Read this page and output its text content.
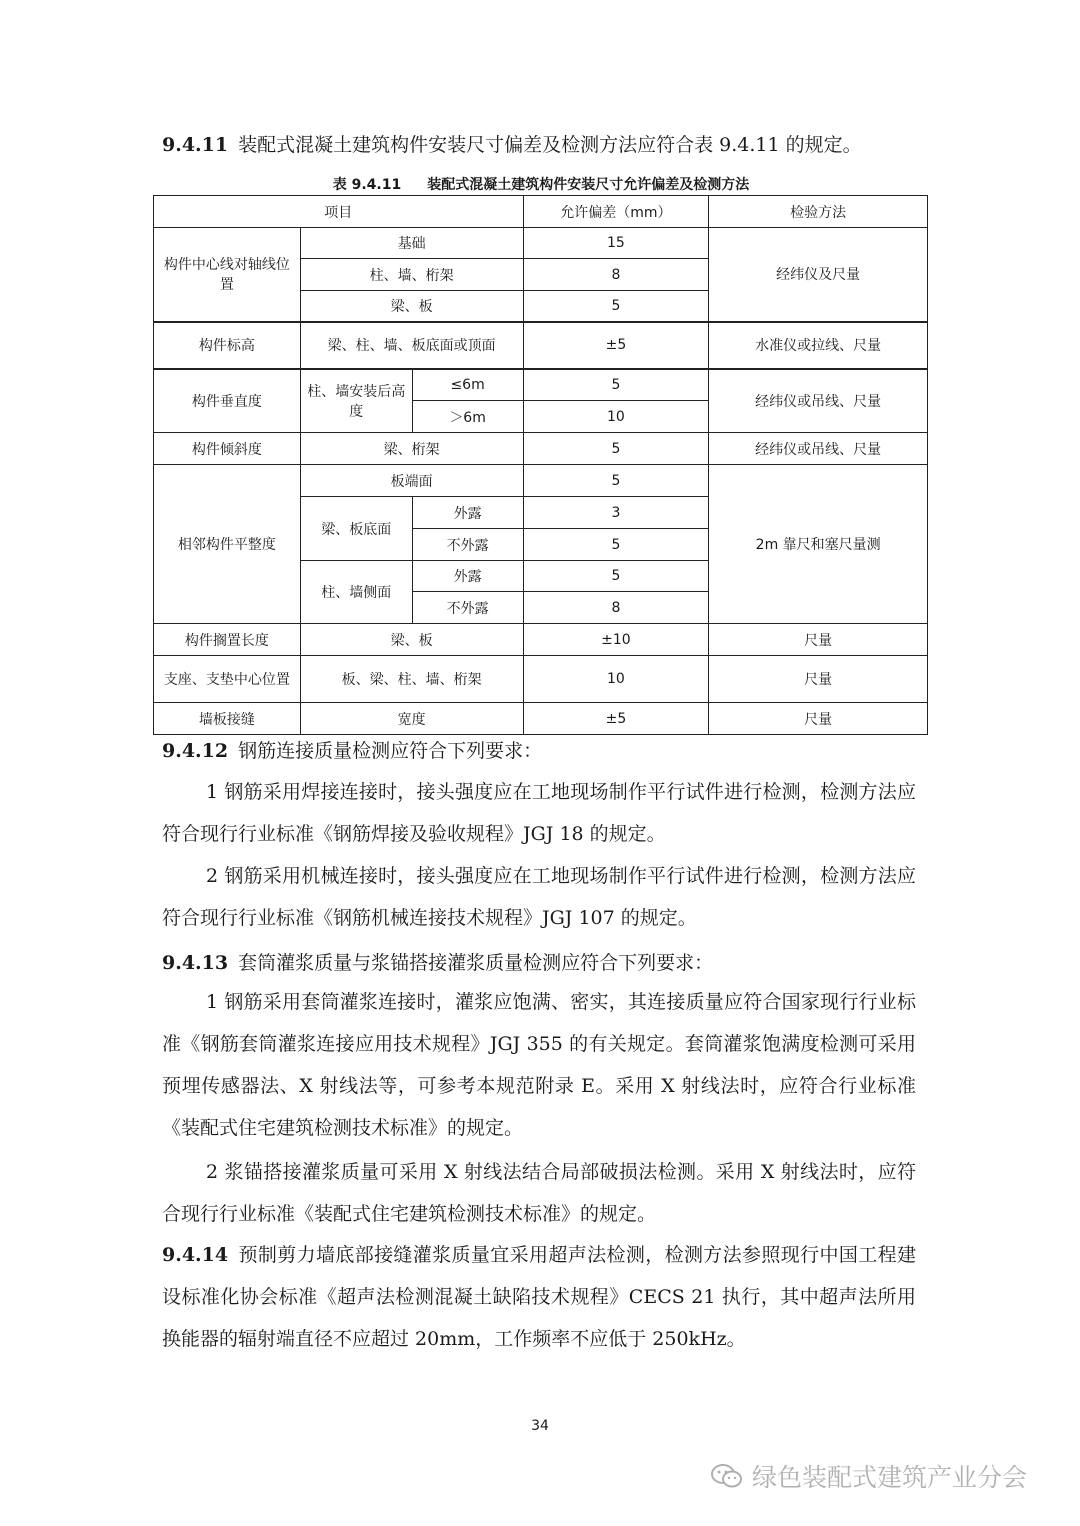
9.4.11 装配式混凝土建筑构件安装尺寸偏差及检测方法应符合表 9.4.11 的规定。
表 9.4.11 装配式混凝土建筑构件安装尺寸允许偏差及检测方法
项目			允许偏差（mm）	检验方法
构件中心线对轴线位置	基础		15	经纬仪及尺量
	柱、墙、桁架		8	
	梁、板		5	
构件标高	梁、柱、墙、板底面或顶面		±5	水准仪或拉线、尺量
构件垂直度	柱、墙安装后高度	≤6m	5	经纬仪或吊线、尺量
		＞6m	10	
构件倾斜度	梁、桁架		5	经纬仪或吊线、尺量
相邻构件平整度	板端面		5	2m 靠尺和塞尺量测
	梁、板底面	外露	3	
		不外露	5	
	柱、墙侧面	外露	5	
		不外露	8	
构件搁置长度	梁、板		±10	尺量
支座、支垫中心位置	板、梁、柱、墙、桁架		10	尺量
墙板接缝	宽度		±5	尺量
9.4.12 钢筋连接质量检测应符合下列要求：
1 钢筋采用焊接连接时，接头强度应在工地现场制作平行试件进行检测，检测方法应符合现行行业标准《钢筋焊接及验收规程》JGJ 18 的规定。
2 钢筋采用机械连接时，接头强度应在工地现场制作平行试件进行检测，检测方法应符合现行行业标准《钢筋机械连接技术规程》JGJ 107 的规定。
9.4.13 套筒灌浆质量与浆锚搭接灌浆质量检测应符合下列要求：
1 钢筋采用套筒灌浆连接时，灌浆应饱满、密实，其连接质量应符合国家现行行业标准《钢筋套筒灌浆连接应用技术规程》JGJ 355 的有关规定。套筒灌浆饱满度检测可采用预埋传感器法、X 射线法等，可参考本规范附录 E。采用 X 射线法时，应符合行业标准《装配式住宅建筑检测技术标准》的规定。
2 浆锚搭接灌浆质量可采用 X 射线法结合局部破损法检测。采用 X 射线法时，应符合现行行业标准《装配式住宅建筑检测技术标准》的规定。
9.4.14 预制剪力墙底部接缝灌浆质量宜采用超声法检测，检测方法参照现行中国工程建设标准化协会标准《超声法检测混凝土缺陷技术规程》CECS 21 执行，其中超声法所用换能器的辐射端直径不应超过 20mm，工作频率不应低于 250kHz。
34
绿色装配式建筑产业分会
